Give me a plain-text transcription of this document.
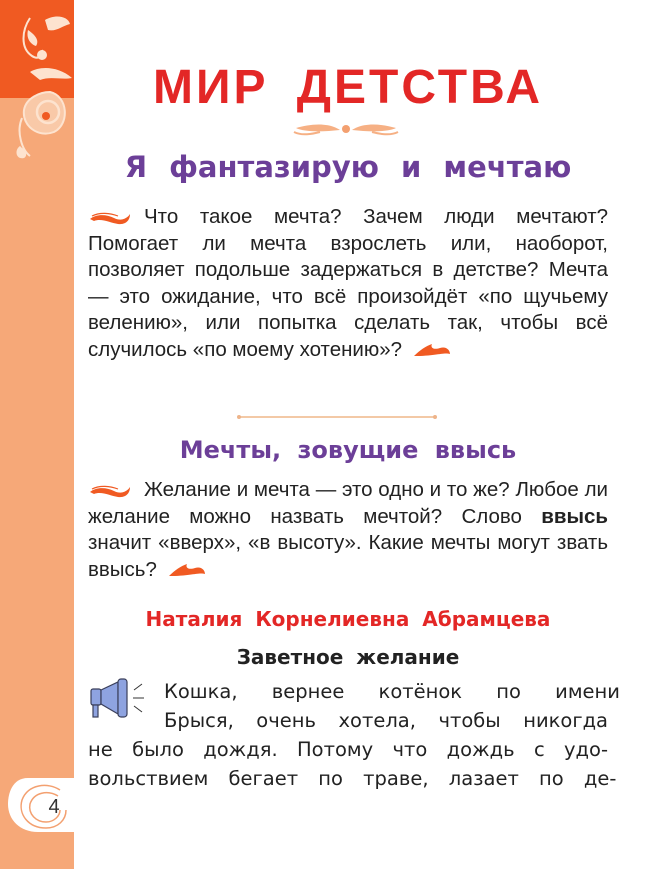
4
МИР ДЕТСТВА
Я фантазирую и мечтаю
Что такое мечта? Зачем люди мечтают? Помогает ли мечта взрослеть или, наоборот, позволяет подольше задержаться в детстве? Мечта — это ожидание, что всё произойдёт «по щучьему велению», или попытка сделать так, чтобы всё случилось «по моему хотению»?
Мечты, зовущие ввысь
Желание и мечта — это одно и то же? Любое ли желание можно назвать мечтой? Слово ввысь значит «вверх», «в высоту». Какие мечты могут звать ввысь?
Наталия Корнелиевна Абрамцева
Заветное желание
Кошка, вернее котёнок по имени
Брыся, очень хотела, чтобы никогда
не было дождя. Потому что дождь с удо-
вольствием бегает по траве, лазает по де-
